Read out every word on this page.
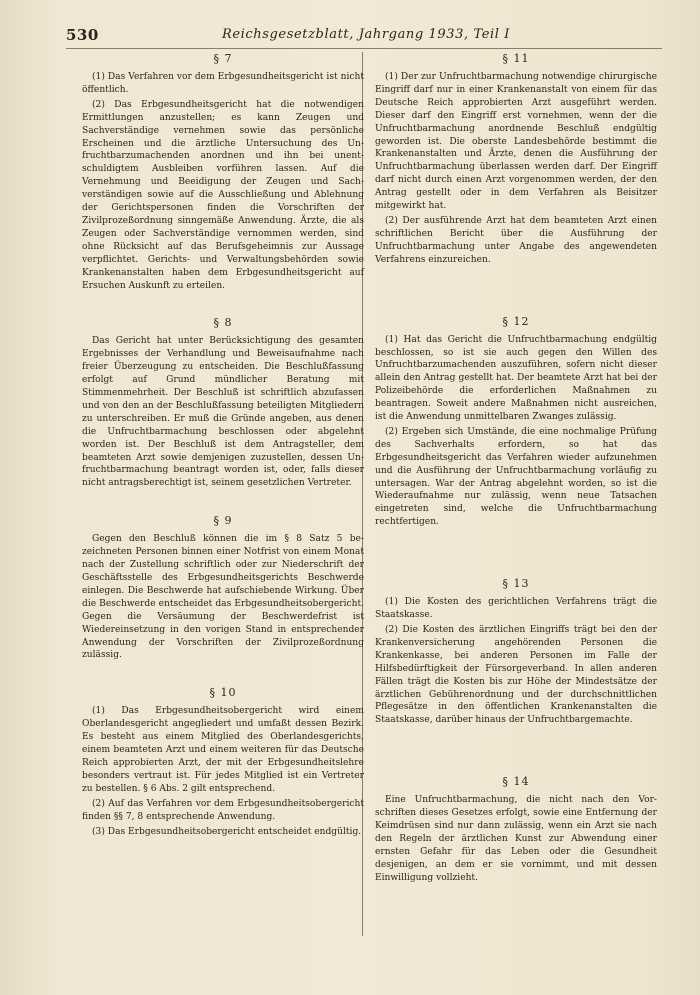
530	Reichsgesetzblatt, Jahrgang 1933, Teil I
§ 7

(1) Das Verfahren vor dem Erbgesundheitsgericht ist nicht öffentlich.

(2) Das Erbgesundheitsgericht hat die notwendigen Ermittlungen anzustellen; es kann Zeugen und Sachverständige vernehmen sowie das persönliche Erscheinen und die ärztliche Untersuchung des Unfruchtbarzumachenden anordnen und ihn bei unentschuldigtem Ausbleiben vorführen lassen. Auf die Vernehmung und Beeidigung der Zeugen und Sachverständigen sowie auf die Ausschließung und Ablehnung der Gerichtspersonen finden die Vorschriften der Zivilprozeßordnung sinngemäße Anwendung. Ärzte, die als Zeugen oder Sachverständige vernommen werden, sind ohne Rücksicht auf das Berufsgeheimnis zur Aussage verpflichtet. Gerichts- und Verwaltungsbehörden sowie Krankenanstalten haben dem Erbgesundheitsgericht auf Ersuchen Auskunft zu erteilen.

§ 8

Das Gericht hat unter Berücksichtigung des gesamten Ergebnisses der Verhandlung und Beweisaufnahme nach freier Überzeugung zu entscheiden. Die Beschlußfassung erfolgt auf Grund mündlicher Beratung mit Stimmenmehrheit. Der Beschluß ist schriftlich abzufassen und von den an der Beschlußfassung beteiligten Mitgliedern zu unterschreiben. Er muß die Gründe angeben, aus denen die Unfruchtbarmachung beschlossen oder abgelehnt worden ist. Der Beschluß ist dem Antragsteller, dem beamteten Arzt sowie demjenigen zuzustellen, dessen Unfruchtbarmachung beantragt worden ist, oder, falls dieser nicht antragsberechtigt ist, seinem gesetzlichen Vertreter.

§ 9

Gegen den Beschluß können die im § 8 Satz 5 bezeichneten Personen binnen einer Notfrist von einem Monat nach der Zustellung schriftlich oder zur Niederschrift der Geschäftsstelle des Erbgesundheitsgerichts Beschwerde einlegen. Die Beschwerde hat aufschiebende Wirkung. Über die Beschwerde entscheidet das Erbgesundheitsobergericht. Gegen die Versäumung der Beschwerdefrist ist Wiedereinsetzung in den vorigen Stand in entsprechender Anwendung der Vorschriften der Zivilprozeßordnung zulässig.

§ 10

(1) Das Erbgesundheitsobergericht wird einem Oberlandesgericht angegliedert und umfaßt dessen Bezirk. Es besteht aus einem Mitglied des Oberlandesgerichts, einem beamteten Arzt und einem weiteren für das Deutsche Reich approbierten Arzt, der mit der Erbgesundheitslehre besonders vertraut ist. Für jedes Mitglied ist ein Vertreter zu bestellen. § 6 Abs. 2 gilt entsprechend.

(2) Auf das Verfahren vor dem Erbgesundheitsobergericht finden §§ 7, 8 entsprechende Anwendung.

(3) Das Erbgesundheitsobergericht entscheidet endgültig.

§ 11

(1) Der zur Unfruchtbarmachung notwendige chirurgische Eingriff darf nur in einer Krankenanstalt von einem für das Deutsche Reich approbierten Arzt ausgeführt werden. Dieser darf den Eingriff erst vornehmen, wenn der die Unfruchtbarmachung anordnende Beschluß endgültig geworden ist. Die oberste Landesbehörde bestimmt die Krankenanstalten und Ärzte, denen die Ausführung der Unfruchtbarmachung überlassen werden darf. Der Eingriff darf nicht durch einen Arzt vorgenommen werden, der den Antrag gestellt oder in dem Verfahren als Beisitzer mitgewirkt hat.

(2) Der ausführende Arzt hat dem beamteten Arzt einen schriftlichen Bericht über die Ausführung der Unfruchtbarmachung unter Angabe des angewendeten Verfahrens einzureichen.

§ 12

(1) Hat das Gericht die Unfruchtbarmachung endgültig beschlossen, so ist sie auch gegen den Willen des Unfruchtbarzumachenden auszuführen, sofern nicht dieser allein den Antrag gestellt hat. Der beamtete Arzt hat bei der Polizeibehörde die erforderlichen Maßnahmen zu beantragen. Soweit andere Maßnahmen nicht ausreichen, ist die Anwendung unmittelbaren Zwanges zulässig.

(2) Ergeben sich Umstände, die eine nochmalige Prüfung des Sachverhalts erfordern, so hat das Erbgesundheitsgericht das Verfahren wieder aufzunehmen und die Ausführung der Unfruchtbarmachung vorläufig zu untersagen. War der Antrag abgelehnt worden, so ist die Wiederaufnahme nur zulässig, wenn neue Tatsachen eingetreten sind, welche die Unfruchtbarmachung rechtfertigen.

§ 13

(1) Die Kosten des gerichtlichen Verfahrens trägt die Staatskasse.

(2) Die Kosten des ärztlichen Eingriffs trägt bei den der Krankenversicherung angehörenden Personen die Krankenkasse, bei anderen Personen im Falle der Hilfsbedürftigkeit der Fürsorgeverband. In allen anderen Fällen trägt die Kosten bis zur Höhe der Mindestsätze der ärztlichen Gebührenordnung und der durchschnittlichen Pflegesätze in den öffentlichen Krankenanstalten die Staatskasse, darüber hinaus der Unfruchtbargemachte.

§ 14

Eine Unfruchtbarmachung, die nicht nach den Vorschriften dieses Gesetzes erfolgt, sowie eine Entfernung der Keimdrüsen sind nur dann zulässig, wenn ein Arzt sie nach den Regeln der ärztlichen Kunst zur Abwendung einer ernsten Gefahr für das Leben oder die Gesundheit desjenigen, an dem er sie vornimmt, und mit dessen Einwilligung vollzieht.
